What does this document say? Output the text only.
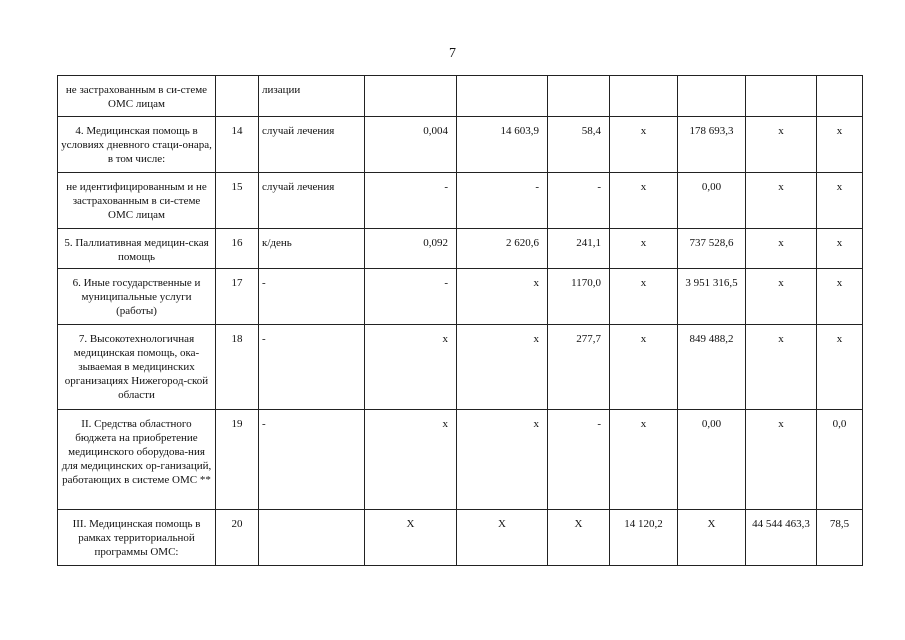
7
не застрахованным в си-стеме ОМС лицам		лизации							
4. Медицинская помощь в условиях дневного стаци-онара, в том числе:	14	случай лечения	0,004	14 603,9	58,4	х	178 693,3	х	х
не идентифицированным и не застрахованным в си-стеме ОМС лицам	15	случай лечения	-	-	-	х	0,00	х	х
5. Паллиативная медицин-ская помощь	16	к/день	0,092	2 620,6	241,1	х	737 528,6	х	х
6. Иные государственные и муниципальные услуги (работы)	17	-	-	х	1170,0	х	3 951 316,5	х	х
7. Высокотехнологичная медицинская помощь, ока-зываемая в медицинских организациях Нижегород-ской области	18	-	х	х	277,7	х	849 488,2	х	х
II. Средства областного бюджета на приобретение медицинского оборудова-ния для медицинских ор-ганизаций, работающих в системе ОМС **	19	-	х	х	-	х	0,00	х	0,0
III. Медицинская помощь в рамках территориальной программы ОМС:	20		Х	Х	Х	14 120,2	Х	44 544 463,3	78,5
